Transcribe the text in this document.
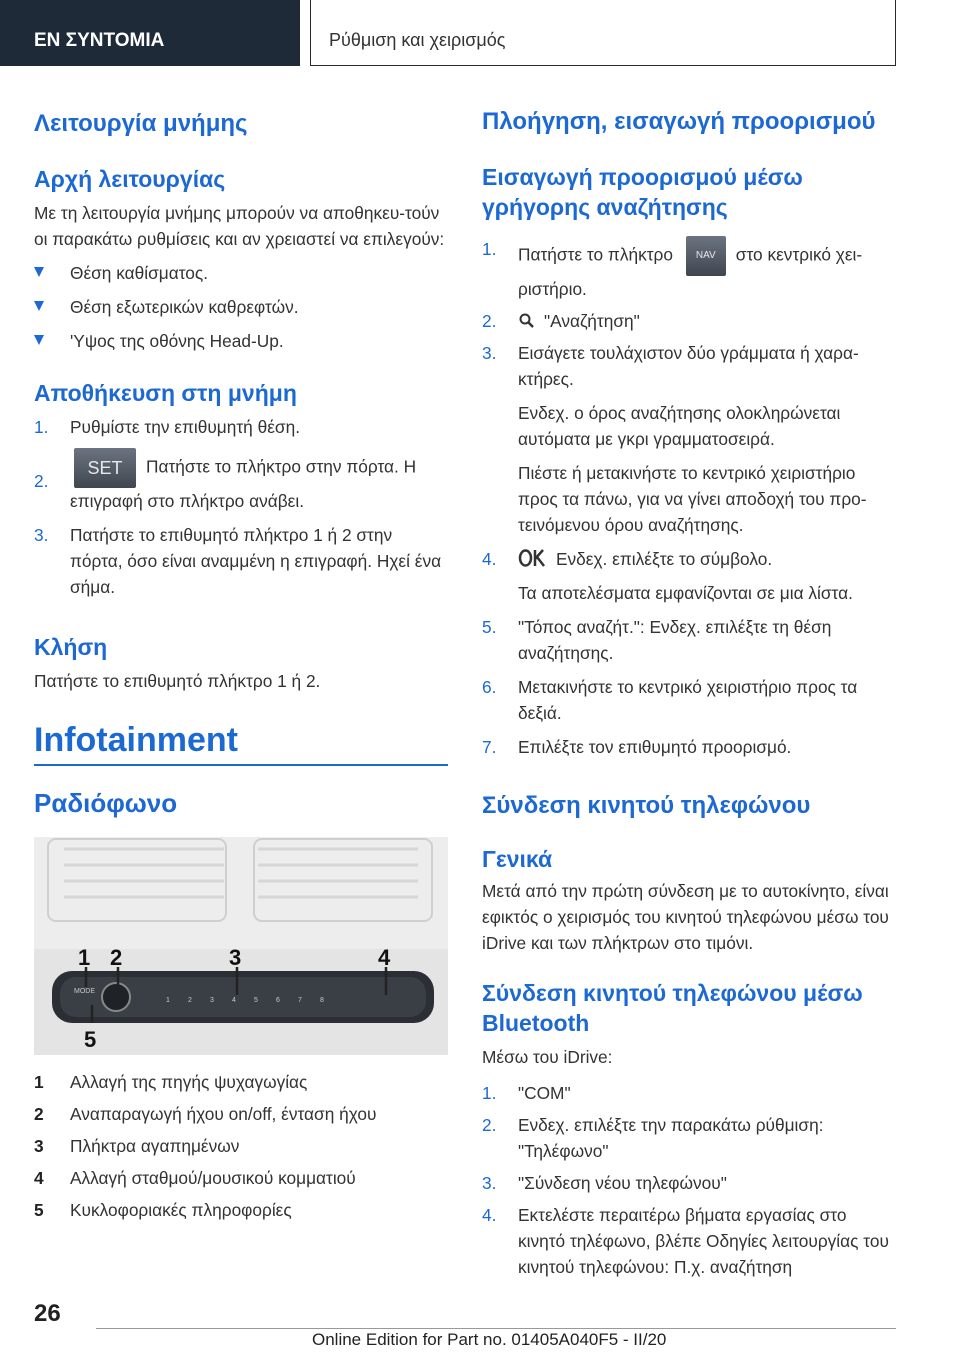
ΕΝ ΣΥΝΤΟΜΙΑ	Ρύθμιση και χειρισμός
Λειτουργία μνήμης
Αρχή λειτουργίας

Με τη λειτουργία μνήμης μπορούν να αποθηκευ-τούν οι παρακάτω ρυθμίσεις και αν χρειαστεί να επιλεγούν:

Θέση καθίσματος.
Θέση εξωτερικών καθρεφτών.
'Υψος της οθόνης Head-Up.
Αποθήκευση στη μνήμη
1. Ρυθμίστε την επιθυμητή θέση.
2.
SET Πατήστε το πλήκτρο στην πόρτα. Η επιγραφή στο πλήκτρο ανάβει.
3. Πατήστε το επιθυμητό πλήκτρο 1 ή 2 στην πόρτα, όσο είναι αναμμένη η επιγραφή. Ηχεί ένα σήμα.
Κλήση

Πατήστε το επιθυμητό πλήκτρο 1 ή 2.

Infotainment
Ραδιόφωνο
MODE
1	2	3	4	5	6	7	8
1 2	3	4
5
1 Αλλαγή της πηγής ψυχαγωγίας
2 Αναπαραγωγή ήχου on/off, ένταση ήχου
3 Πλήκτρα αγαπημένων
4 Αλλαγή σταθμού/μουσικού κομματιού
5 Κυκλοφοριακές πληροφορίες
Πλοήγηση, εισαγωγή προορισμού
Εισαγωγή προορισμού μέσω γρήγορης αναζήτησης
1. Πατήστε το πλήκτρο NAV στο κεντρικό χει-ριστήριο.
2.	"Αναζήτηση"
3. Εισάγετε τουλάχιστον δύο γράμματα ή χαρα-κτήρες.
Ενδεχ. ο όρος αναζήτησης ολοκληρώνεται αυτόματα με γκρι γραμματοσειρά.
Πιέστε ή μετακινήστε το κεντρικό χειριστήριο προς τα πάνω, για να γίνει αποδοχή του προ-τεινόμενου όρου αναζήτησης.
4.	Ενδεχ. επιλέξτε το σύμβολο.
Τα αποτελέσματα εμφανίζονται σε μια λίστα.
5. "Τόπος αναζήτ.": Ενδεχ. επιλέξτε τη θέση αναζήτησης.
6. Μετακινήστε το κεντρικό χειριστήριο προς τα δεξιά.
7. Επιλέξτε τον επιθυμητό προορισμό.
Σύνδεση κινητού τηλεφώνου
Γενικά

Μετά από την πρώτη σύνδεση με το αυτοκίνητο, είναι εφικτός ο χειρισμός του κινητού τηλεφώνου μέσω του iDrive και των πλήκτρων στο τιμόνι.

Σύνδεση κινητού τηλεφώνου μέσω Bluetooth

Μέσω του iDrive:

1. "COM"
2. Ενδεχ. επιλέξτε την παρακάτω ρύθμιση: "Τηλέφωνο"
3. "Σύνδεση νέου τηλεφώνου"
4. Εκτελέστε περαιτέρω βήματα εργασίας στο κινητό τηλέφωνο, βλέπε Οδηγίες λειτουργίας του κινητού τηλεφώνου: Π.χ. αναζήτηση
26
Online Edition for Part no. 01405A040F5 - II/20
